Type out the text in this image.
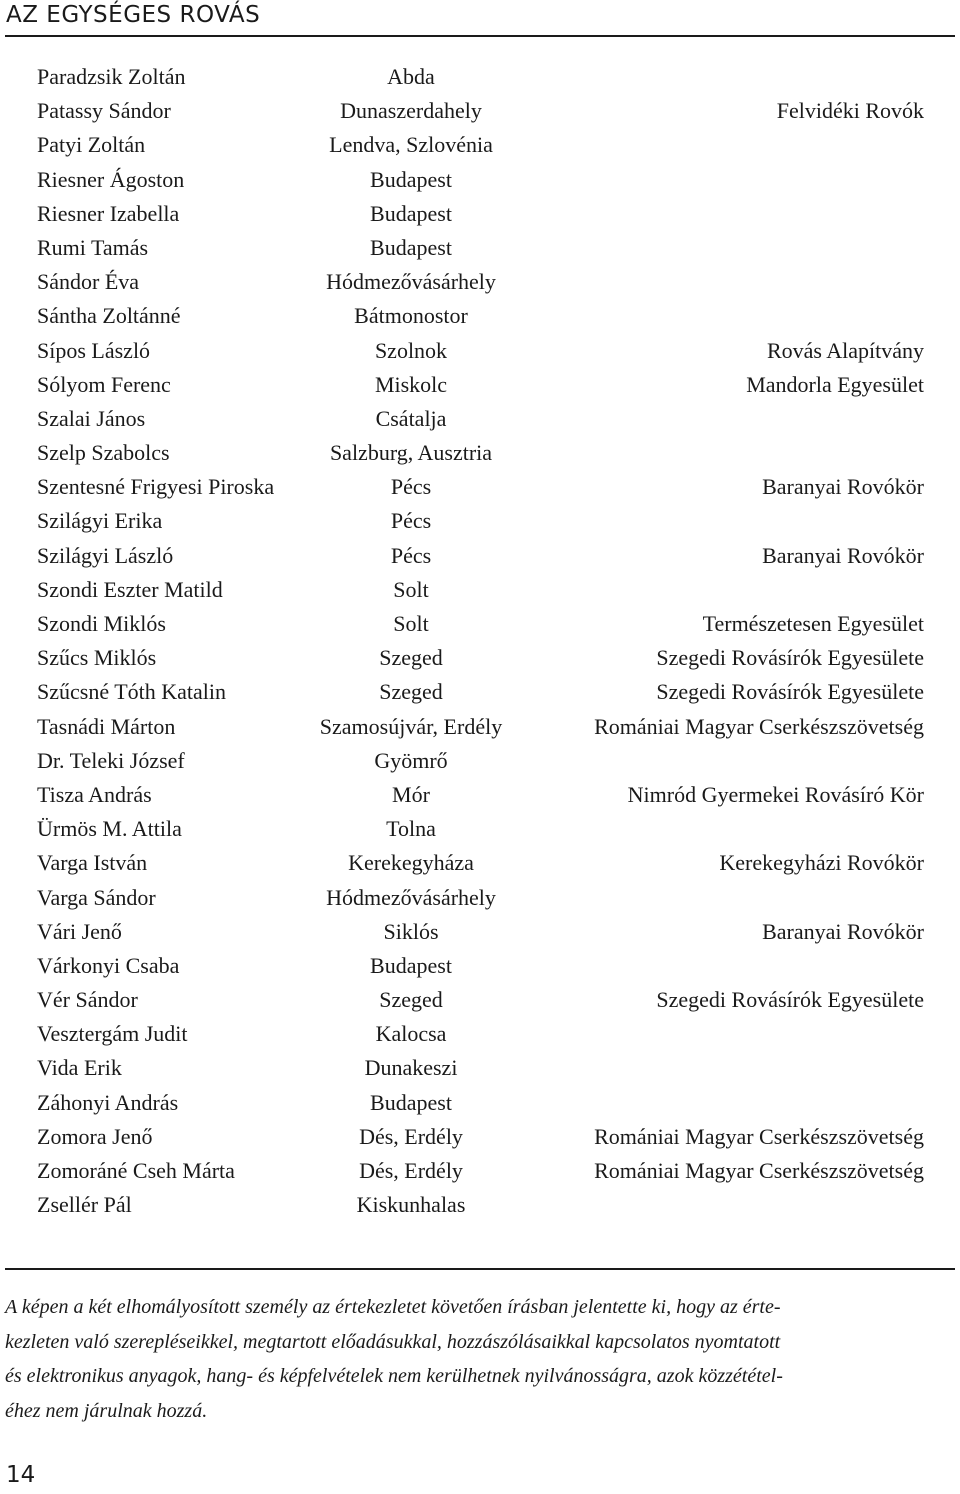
AZ EGYSÉGES ROVÁS
Paradzsik Zoltán	Abda
Patassy Sándor	Dunaszerdahely	Felvidéki Rovók
Patyi Zoltán	Lendva, Szlovénia
Riesner Ágoston	Budapest
Riesner Izabella	Budapest
Rumi Tamás	Budapest
Sándor Éva	Hódmezővásárhely
Sántha Zoltánné	Bátmonostor
Sípos László	Szolnok	Rovás Alapítvány
Sólyom Ferenc	Miskolc	Mandorla Egyesület
Szalai János	Csátalja
Szelp Szabolcs	Salzburg, Ausztria
Szentesné Frigyesi Piroska	Pécs	Baranyai Rovókör
Szilágyi Erika	Pécs
Szilágyi László	Pécs	Baranyai Rovókör
Szondi Eszter Matild	Solt
Szondi Miklós	Solt	Természetesen Egyesület
Szűcs Miklós	Szeged	Szegedi Rovásírók Egyesülete
Szűcsné Tóth Katalin	Szeged	Szegedi Rovásírók Egyesülete
Tasnádi Márton	Szamosújvár, Erdély	Romániai Magyar Cserkészszövetség
Dr. Teleki József	Gyömrő
Tisza András	Mór	Nimród Gyermekei Rovásíró Kör
Ürmös M. Attila	Tolna
Varga István	Kerekegyháza	Kerekegyházi Rovókör
Varga Sándor	Hódmezővásárhely
Vári Jenő	Siklós	Baranyai Rovókör
Várkonyi Csaba	Budapest
Vér Sándor	Szeged	Szegedi Rovásírók Egyesülete
Vesztergám Judit	Kalocsa
Vida Erik	Dunakeszi
Záhonyi András	Budapest
Zomora Jenő	Dés, Erdély	Romániai Magyar Cserkészszövetség
Zomoráné Cseh Márta	Dés, Erdély	Romániai Magyar Cserkészszövetség
Zsellér Pál	Kiskunhalas
A képen a két elhomályosított személy az értekezletet követően írásban jelentette ki, hogy az érte-
kezleten való szerepléseikkel, megtartott előadásukkal, hozzászólásaikkal kapcsolatos nyomtatott
és elektronikus anyagok, hang- és képfelvételek nem kerülhetnek nyilvánosságra, azok közzététel-
éhez nem járulnak hozzá.
14
